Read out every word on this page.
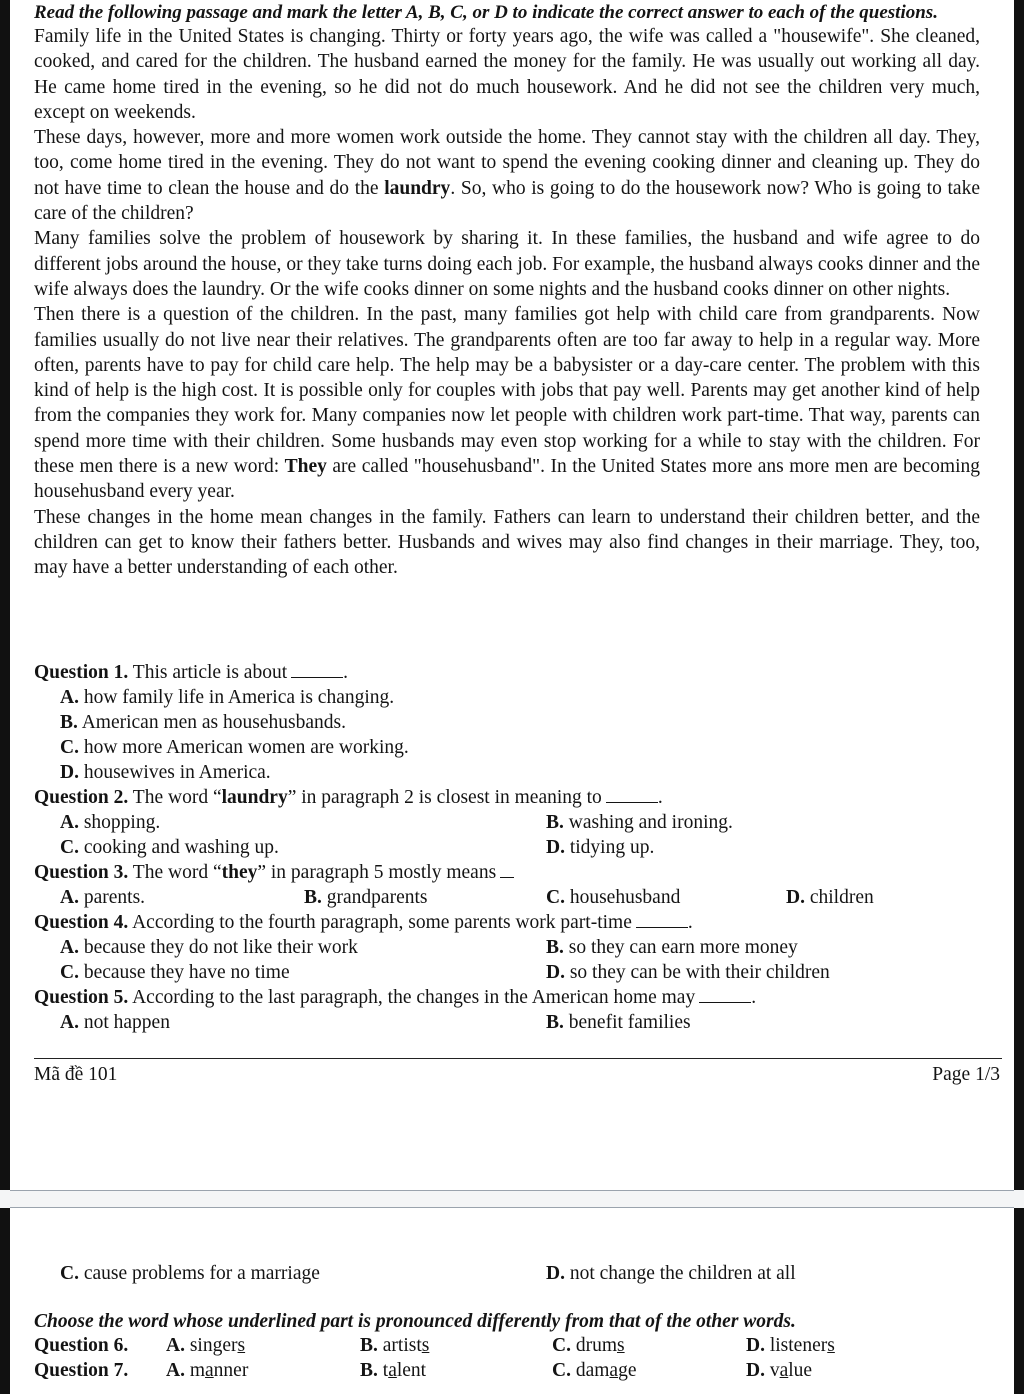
Read the following passage and mark the letter A, B, C, or D to indicate the correct answer to each of the questions.

Family life in the United States is changing. Thirty or forty years ago, the wife was called a "housewife". She cleaned, cooked, and cared for the children. The husband earned the money for the family. He was usually out working all day. He came home tired in the evening, so he did not do much housework. And he did not see the children very much, except on weekends.

These days, however, more and more women work outside the home. They cannot stay with the children all day. They, too, come home tired in the evening. They do not want to spend the evening cooking dinner and cleaning up. They do not have time to clean the house and do the laundry. So, who is going to do the housework now? Who is going to take care of the children?

Many families solve the problem of housework by sharing it. In these families, the husband and wife agree to do different jobs around the house, or they take turns doing each job. For example, the husband always cooks dinner and the wife always does the laundry. Or the wife cooks dinner on some nights and the husband cooks dinner on other nights.

Then there is a question of the children. In the past, many families got help with child care from grandparents. Now families usually do not live near their relatives. The grandparents often are too far away to help in a regular way. More often, parents have to pay for child care help. The help may be a babysister or a day-care center. The problem with this kind of help is the high cost. It is possible only for couples with jobs that pay well. Parents may get another kind of help from the companies they work for. Many companies now let people with children work part-time. That way, parents can spend more time with their children. Some husbands may even stop working for a while to stay with the children. For these men there is a new word: They are called "househusband". In the United States more ans more men are becoming househusband every year.

These changes in the home mean changes in the family. Fathers can learn to understand their children better, and the children can get to know their fathers better. Husbands and wives may also find changes in their marriage. They, too, may have a better understanding of each other.

Question 1. This article is about	.
A. how family life in America is changing.
B. American men as househusbands.
C. how more American women are working.
D. housewives in America.
Question 2. The word “laundry” in paragraph 2 is closest in meaning to	.
A. shopping.	B. washing and ironing.
C. cooking and washing up.	D. tidying up.
Question 3. The word “they” in paragraph 5 mostly means
A. parents.	B. grandparents	C. househusband	D. children
Question 4. According to the fourth paragraph, some parents work part-time	.
A. because they do not like their work	B. so they can earn more money
C. because they have no time	D. so they can be with their children
Question 5. According to the last paragraph, the changes in the American home may	.
A. not happen	B. benefit families
Mã đề 101	Page 1/3
C. cause problems for a marriage	D. not change the children at all

Choose the word whose underlined part is pronounced differently from that of the other words.

Question 6. A. singers	B. artists	C. drums	D. listeners
Question 7. A. manner	B. talent	C. damage	D. value
